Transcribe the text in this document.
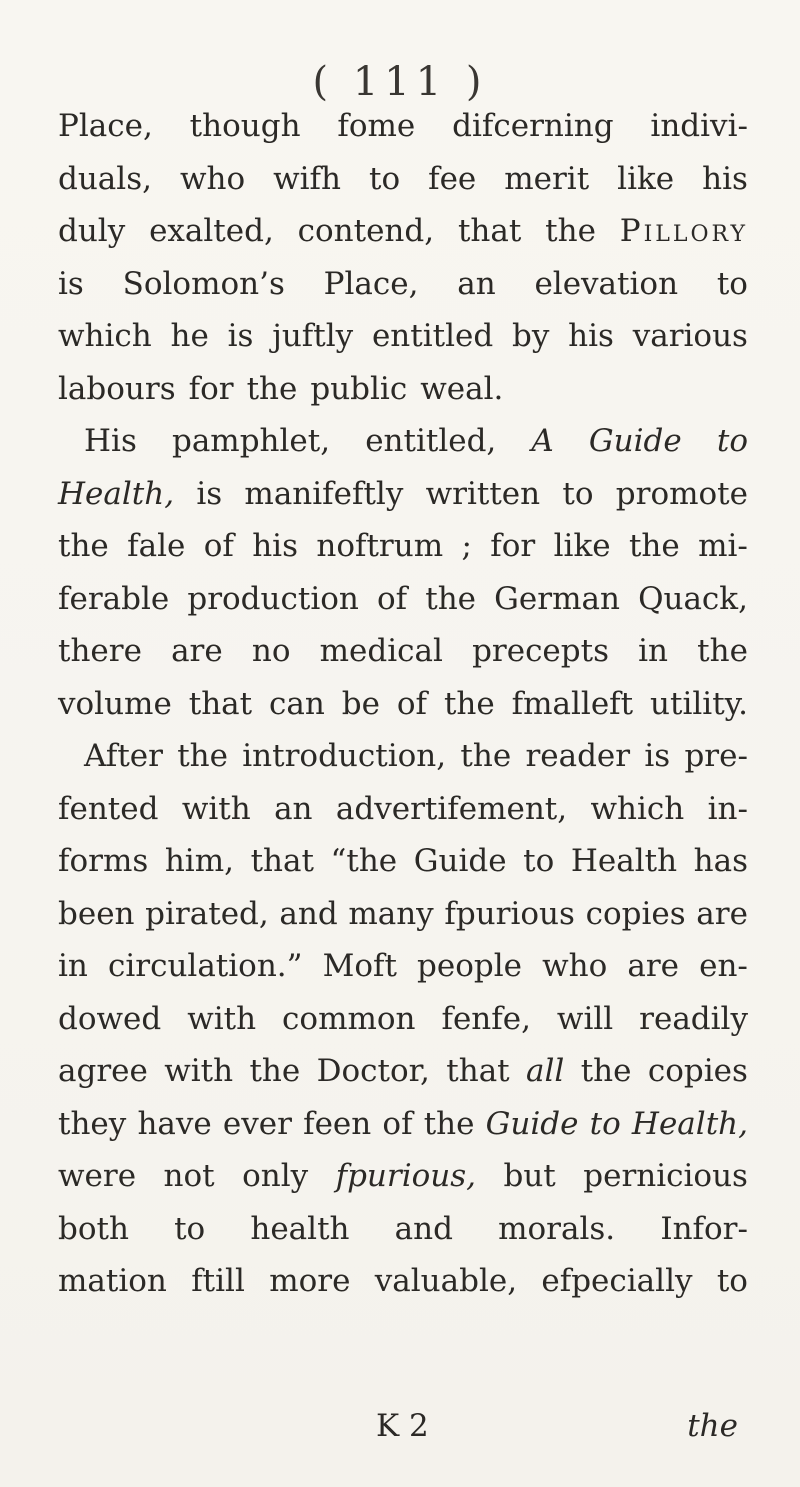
( 111 )
Place, though fome difcerning indivi-
duals, who wifh to fee merit like his
duly exalted, contend, that the Pillory
is Solomon’s Place, an elevation to
which he is juftly entitled by his various
labours for the public weal.
His pamphlet, entitled, A Guide to
Health, is manifeftly written to promote
the fale of his noftrum ; for like the mi-
ferable production of the German Quack,
there are no medical precepts in the
volume that can be of the fmalleft utility.
After the introduction, the reader is pre-
fented with an advertifement, which in-
forms him, that “the Guide to Health has
been pirated, and many fpurious copies are
in circulation.” Moft people who are en-
dowed with common fenfe, will readily
agree with the Doctor, that all the copies
they have ever feen of the Guide to Health,
were not only fpurious, but pernicious
both to health and morals. Infor-
mation ftill more valuable, efpecially to
K 2	the
